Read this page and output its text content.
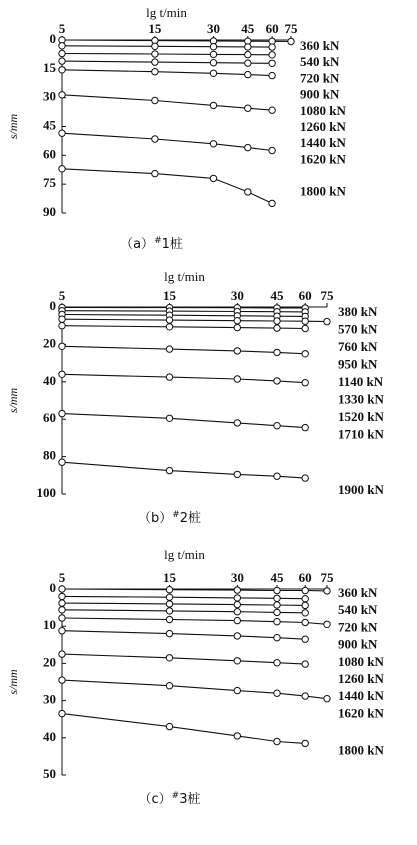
lg t/min
5	15	30 45 60 75
0
15
30
45
60
75
90
s/mm
360 kN
540 kN
720 kN
900 kN
1080 kN
1260 kN
1440 kN
1620 kN
1800 kN
（a）#1桩
lg t/min
5	15	30 45 60 75
0
20
40
60
80
100
s/mm
380 kN
570 kN
760 kN
950 kN
1140 kN
1330 kN
1520 kN
1710 kN
1900 kN
（b）#2桩
lg t/min
5	15	30 45 60 75
0
10
20
30
40
50
s/mm
360 kN
540 kN
720 kN
900 kN
1080 kN
1260 kN
1440 kN
1620 kN
1800 kN
（c）#3桩
